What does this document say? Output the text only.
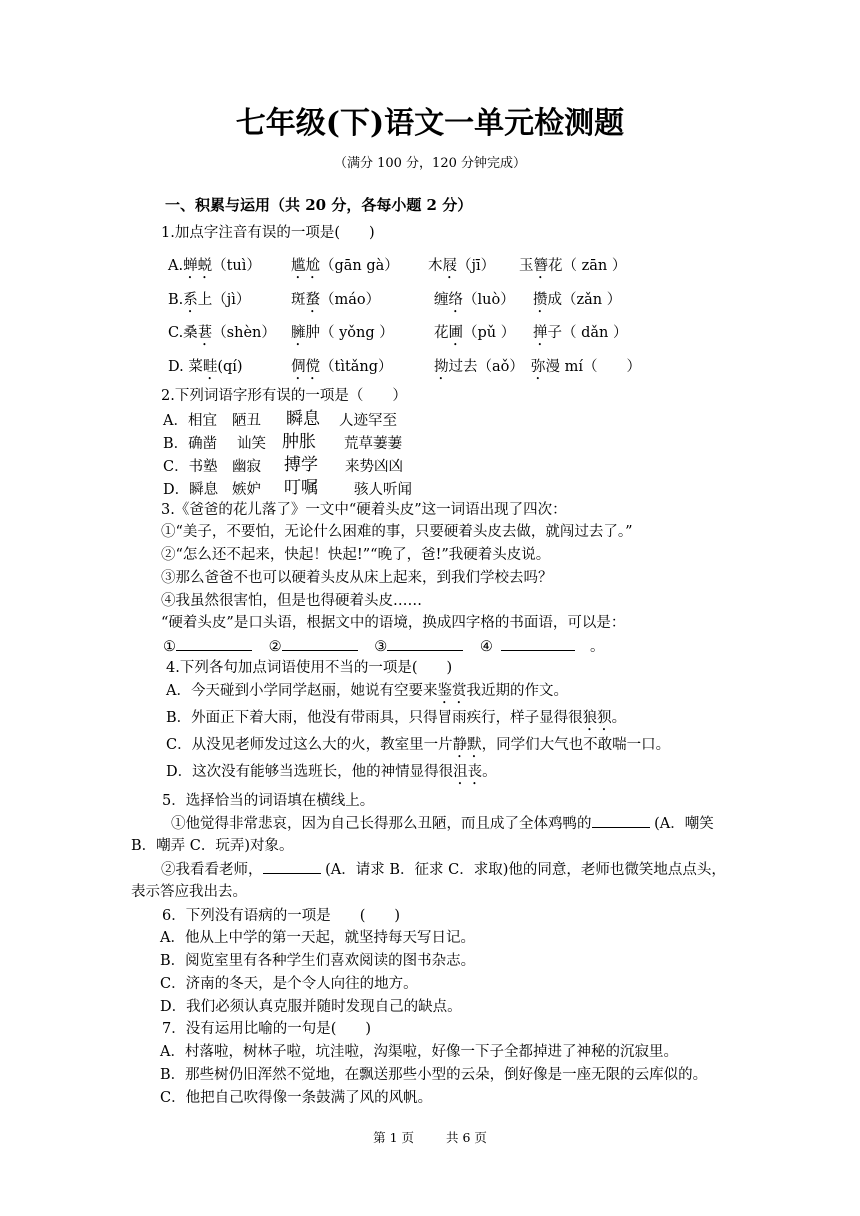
七年级(下)语文一单元检测题
（满分 100 分，120 分钟完成）
一、积累与运用（共 20 分，各每小题 2 分）
1.加点字注音有误的一项是(　　)
A.蝉蜕（tuì） 尴尬（gān gà） 木屐（jī） 玉簪花（ zān ）
B.系上（jì）	斑蝥（máo）	缠络（luò） 攒成（zǎn ）
C.桑葚（shèn） 臃肿（ yǒng ）	花圃（pǔ ） 掸子（ dǎn ）
D. 菜畦(qí)	倜傥（tìtǎng）	拗过去（aǒ） 弥漫 mí（　　）
2.下列词语字形有误的一项是（　　）
A．相宜 陋丑 瞬息 人迹罕至
B．确凿 讪笑 肿胀 荒草萋萋
C．书塾 幽寂 搏学 来势凶凶
D．瞬息 嫉妒 叮嘱 骇人听闻
3.《爸爸的花儿落了》一文中“硬着头皮”这一词语出现了四次：
①“美子，不要怕，无论什么困难的事，只要硬着头皮去做，就闯过去了。”
②“怎么还不起来，快起！快起!”“晚了，爸!”我硬着头皮说。
③那么爸爸不也可以硬着头皮从床上起来，到我们学校去吗？
④我虽然很害怕，但是也得硬着头皮……
“硬着头皮”是口头语，根据文中的语境，换成四字格的书面语，可以是：
①	②	③	④	。
4.下列各句加点词语使用不当的一项是(　　)
A．今天碰到小学同学赵丽，她说有空要来鉴赏我近期的作文。
B．外面正下着大雨，他没有带雨具，只得冒雨疾行，样子显得很狼狈。
C．从没见老师发过这么大的火，教室里一片静默，同学们大气也不敢喘一口。
D．这次没有能够当选班长，他的神情显得很沮丧。
5．选择恰当的词语填在横线上。
①他觉得非常悲哀，因为自己长得那么丑陋，而且成了全体鸡鸭的	(A．嘲笑
B．嘲弄 C．玩弄)对象。
②我看看老师，	(A．请求 B．征求 C．求取)他的同意，老师也微笑地点点头，
表示答应我出去。
6．下列没有语病的一项是　　(　　)
A．他从上中学的第一天起，就坚持每天写日记。
B．阅览室里有各种学生们喜欢阅读的图书杂志。
C．济南的冬天，是个令人向往的地方。
D．我们必须认真克服并随时发现自己的缺点。
7．没有运用比喻的一句是(　　)
A．村落啦，树林子啦，坑洼啦，沟渠啦，好像一下子全都掉进了神秘的沉寂里。
B．那些树仍旧浑然不觉地，在飘送那些小型的云朵，倒好像是一座无限的云库似的。
C．他把自己吹得像一条鼓满了风的风帆。
第 1 页	共 6 页
